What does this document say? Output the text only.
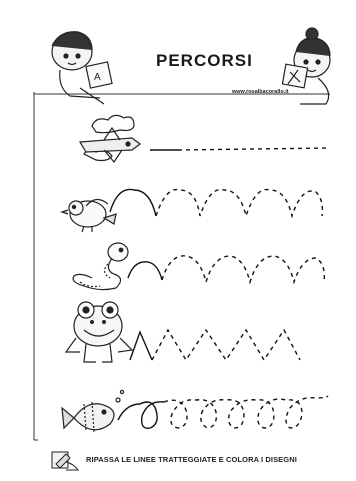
A
PERCORSI
www.rosalbacorallo.it
RIPASSA LE LINEE TRATTEGGIATE E COLORA I DISEGNI
